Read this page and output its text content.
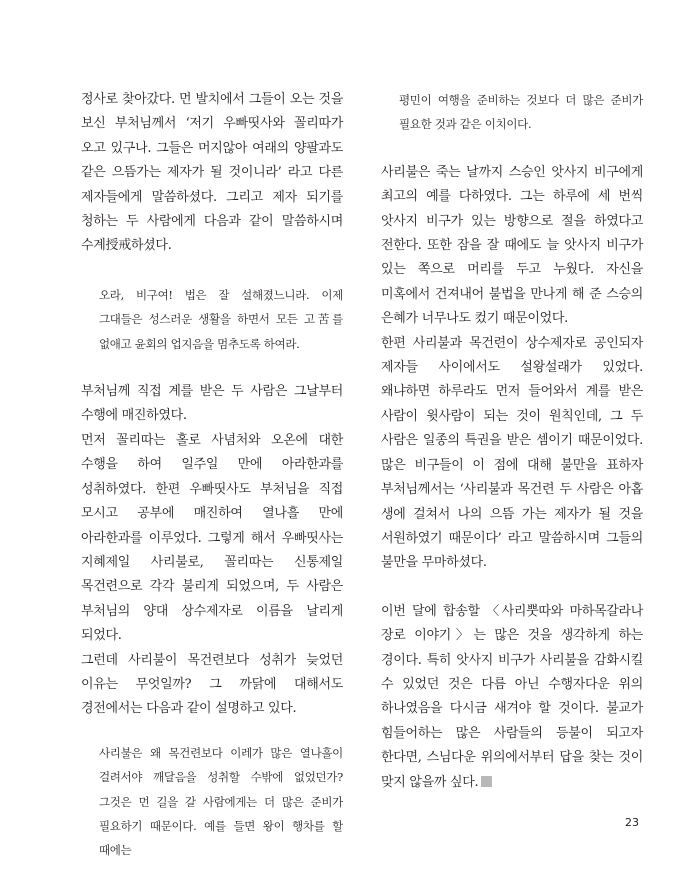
정사로 찾아갔다. 먼 발치에서 그들이 오는 것을 보신 부처님께서 ‘저기 우빠띳사와 꼴리따가 오고 있구나. 그들은 머지않아 여래의 양팔과도 같은 으뜸가는 제자가 될 것이니라’ 라고 다른 제자들에게 말씀하셨다. 그리고 제자 되기를 청하는 두 사람에게 다음과 같이 말씀하시며 수계授戒하셨다.

오라, 비구여! 법은 잘 설해졌느니라. 이제 그대들은 성스러운 생활을 하면서 모든 고苦를 없애고 윤회의 업지음을 멈추도록 하여라.

부처님께 직접 계를 받은 두 사람은 그날부터 수행에 매진하였다.

먼저 꼴리따는 홀로 사념처와 오온에 대한 수행을 하여 일주일 만에 아라한과를 성취하였다. 한편 우빠띳사도 부처님을 직접 모시고 공부에 매진하여 열나흘 만에 아라한과를 이루었다. 그렇게 해서 우빠띳사는 지혜제일 사리불로, 꼴리따는 신통제일 목건련으로 각각 불리게 되었으며, 두 사람은 부처님의 양대 상수제자로 이름을 날리게 되었다.

그런데 사리불이 목건련보다 성취가 늦었던 이유는 무엇일까? 그 까닭에 대해서도 경전에서는 다음과 같이 설명하고 있다.

사리불은 왜 목건련보다 이레가 많은 열나흘이 걸려서야 깨달음을 성취할 수밖에 없었던가? 그것은 먼 길을 갈 사람에게는 더 많은 준비가 필요하기 때문이다. 예를 들면 왕이 행차를 할 때에는

평민이 여행을 준비하는 것보다 더 많은 준비가 필요한 것과 같은 이치이다.

사리불은 죽는 날까지 스승인 앗사지 비구에게 최고의 예를 다하였다. 그는 하루에 세 번씩 앗사지 비구가 있는 방향으로 절을 하였다고 전한다. 또한 잠을 잘 때에도 늘 앗사지 비구가 있는 쪽으로 머리를 두고 누웠다. 자신을 미혹에서 건져내어 불법을 만나게 해 준 스승의 은혜가 너무나도 컸기 때문이었다.

한편 사리불과 목건련이 상수제자로 공인되자 제자들 사이에서도 설왕설래가 있었다. 왜냐하면 하루라도 먼저 들어와서 계를 받은 사람이 윗사람이 되는 것이 원칙인데, 그 두 사람은 일종의 특권을 받은 셈이기 때문이었다. 많은 비구들이 이 점에 대해 불만을 표하자 부처님께서는 ‘사리불과 목건련 두 사람은 아홉 생에 걸쳐서 나의 으뜸 가는 제자가 될 것을 서원하였기 때문이다’ 라고 말씀하시며 그들의 불만을 무마하셨다.

이번 달에 합송할 〈사리뿟따와 마하목갈라나 장로 이야기〉는 많은 것을 생각하게 하는 경이다. 특히 앗사지 비구가 사리불을 감화시킬 수 있었던 것은 다름 아닌 수행자다운 위의 하나였음을 다시금 새겨야 할 것이다. 불교가 힘들어하는 많은 사람들의 등불이 되고자 한다면, 스님다운 위의에서부터 답을 찾는 것이 맞지 않을까 싶다.

23
